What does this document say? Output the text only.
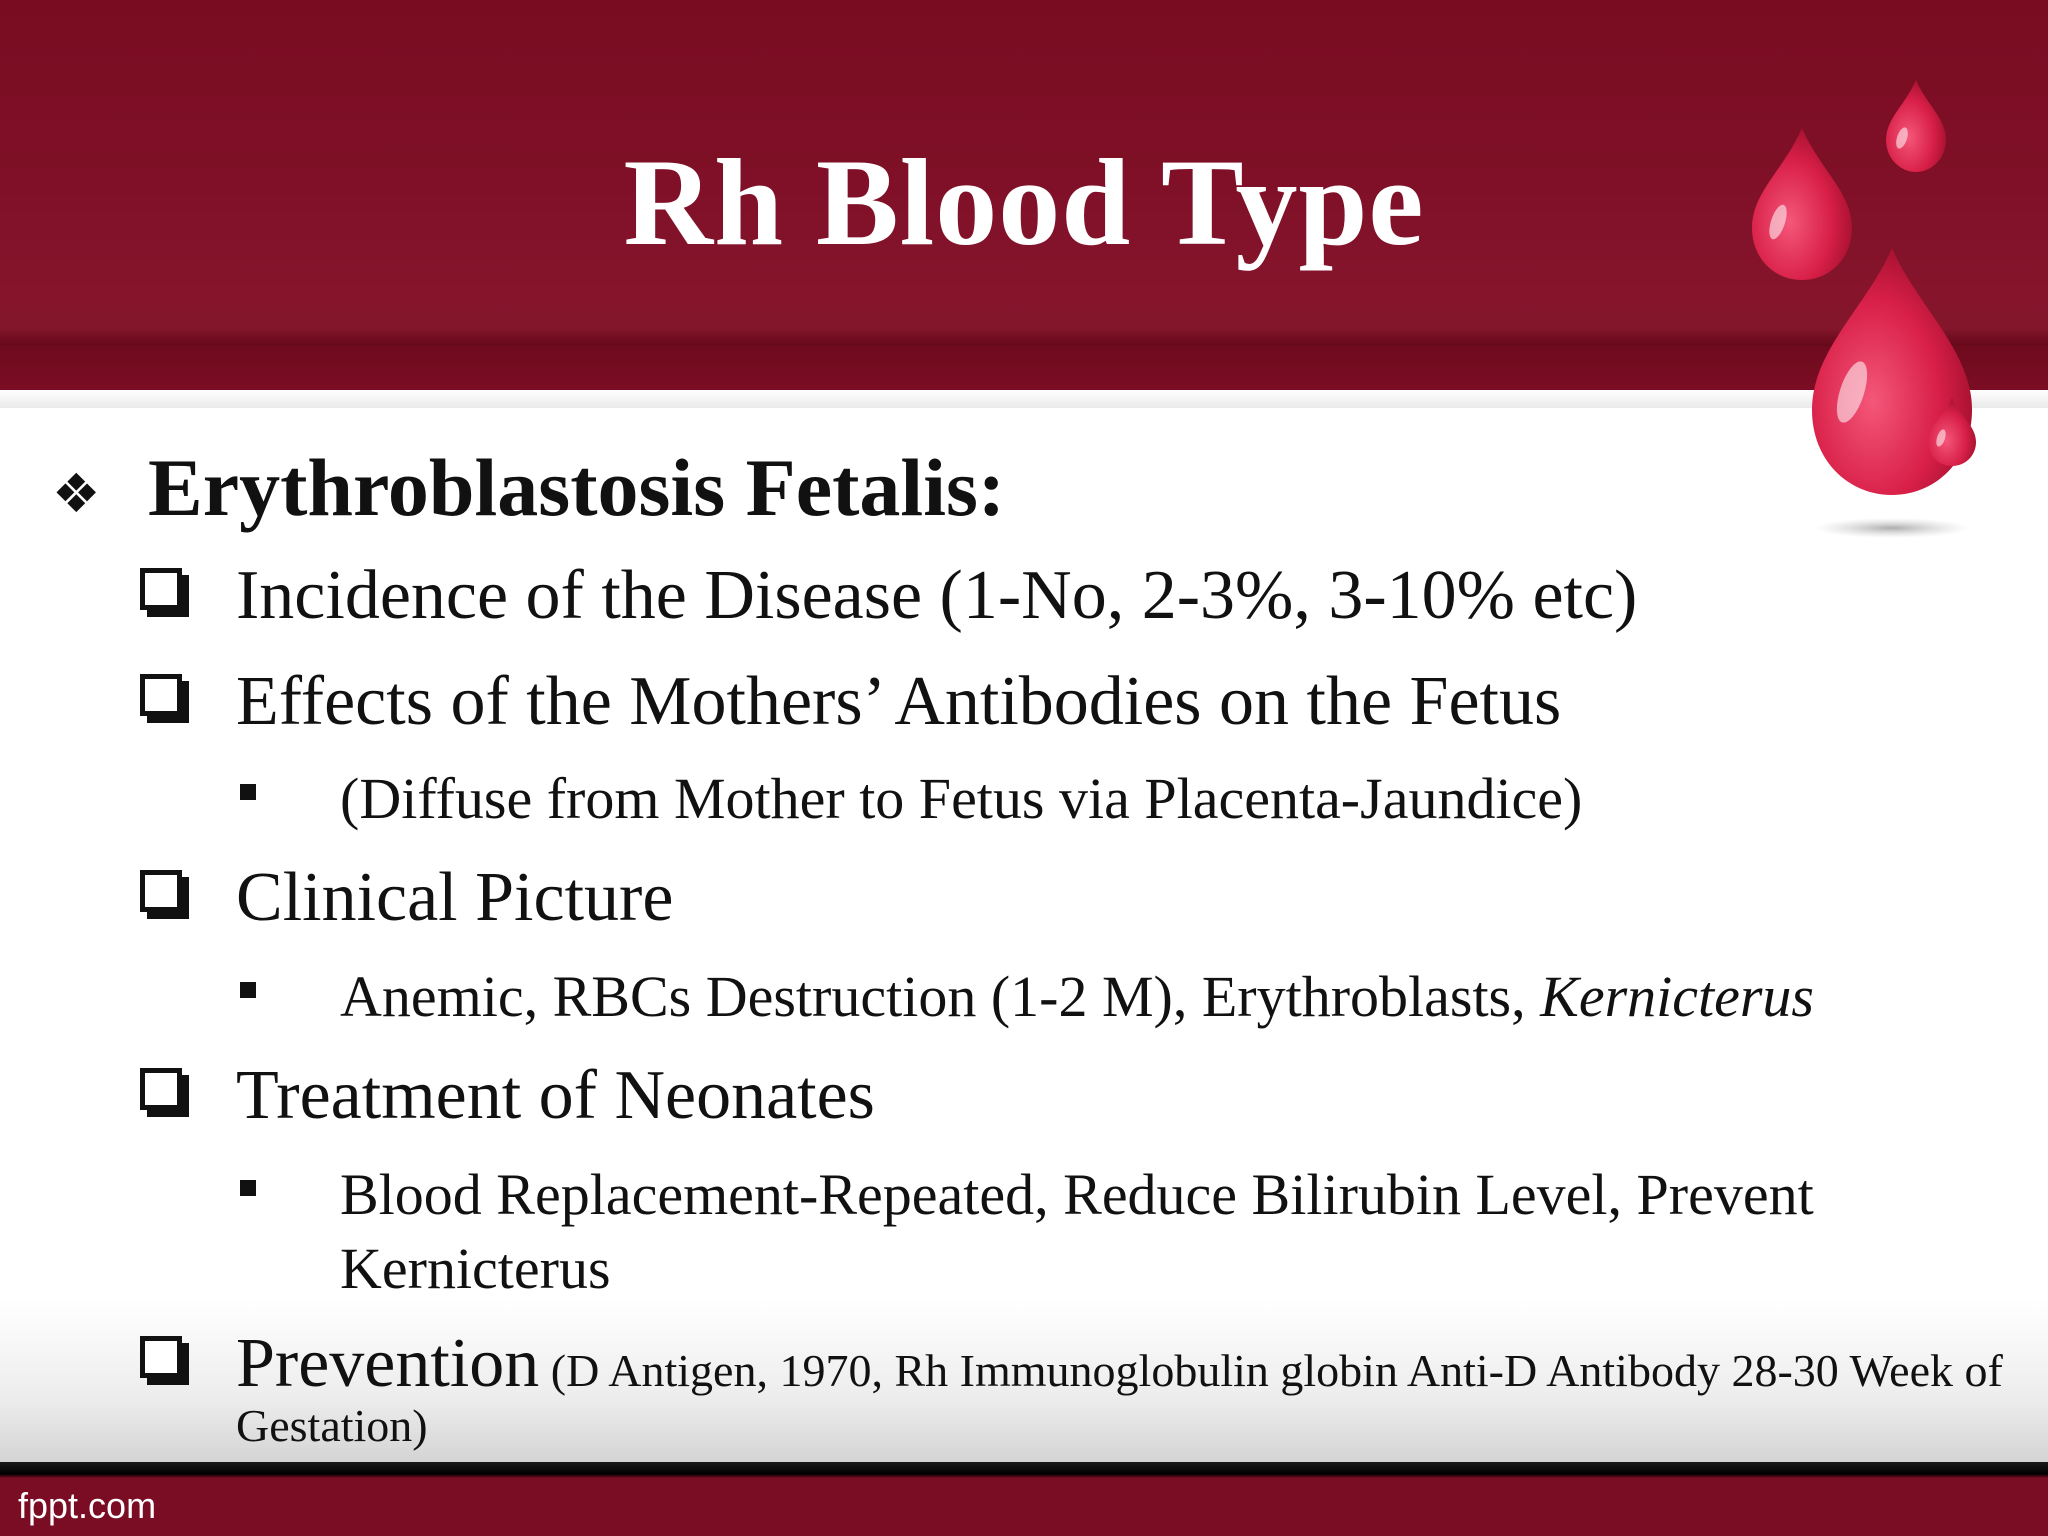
Rh Blood Type
❖ Erythroblastosis Fetalis:
Incidence of the Disease (1-No, 2-3%, 3-10% etc)
Effects of the Mothers’ Antibodies on the Fetus
(Diffuse from Mother to Fetus via Placenta-Jaundice)
Clinical Picture
Anemic, RBCs Destruction (1-2 M), Erythroblasts, Kernicterus
Treatment of Neonates
Blood Replacement-Repeated, Reduce Bilirubin Level, Prevent
Kernicterus
Prevention (D Antigen, 1970, Rh Immunoglobulin globin Anti-D Antibody 28-30 Week of
Gestation)
fppt.com
